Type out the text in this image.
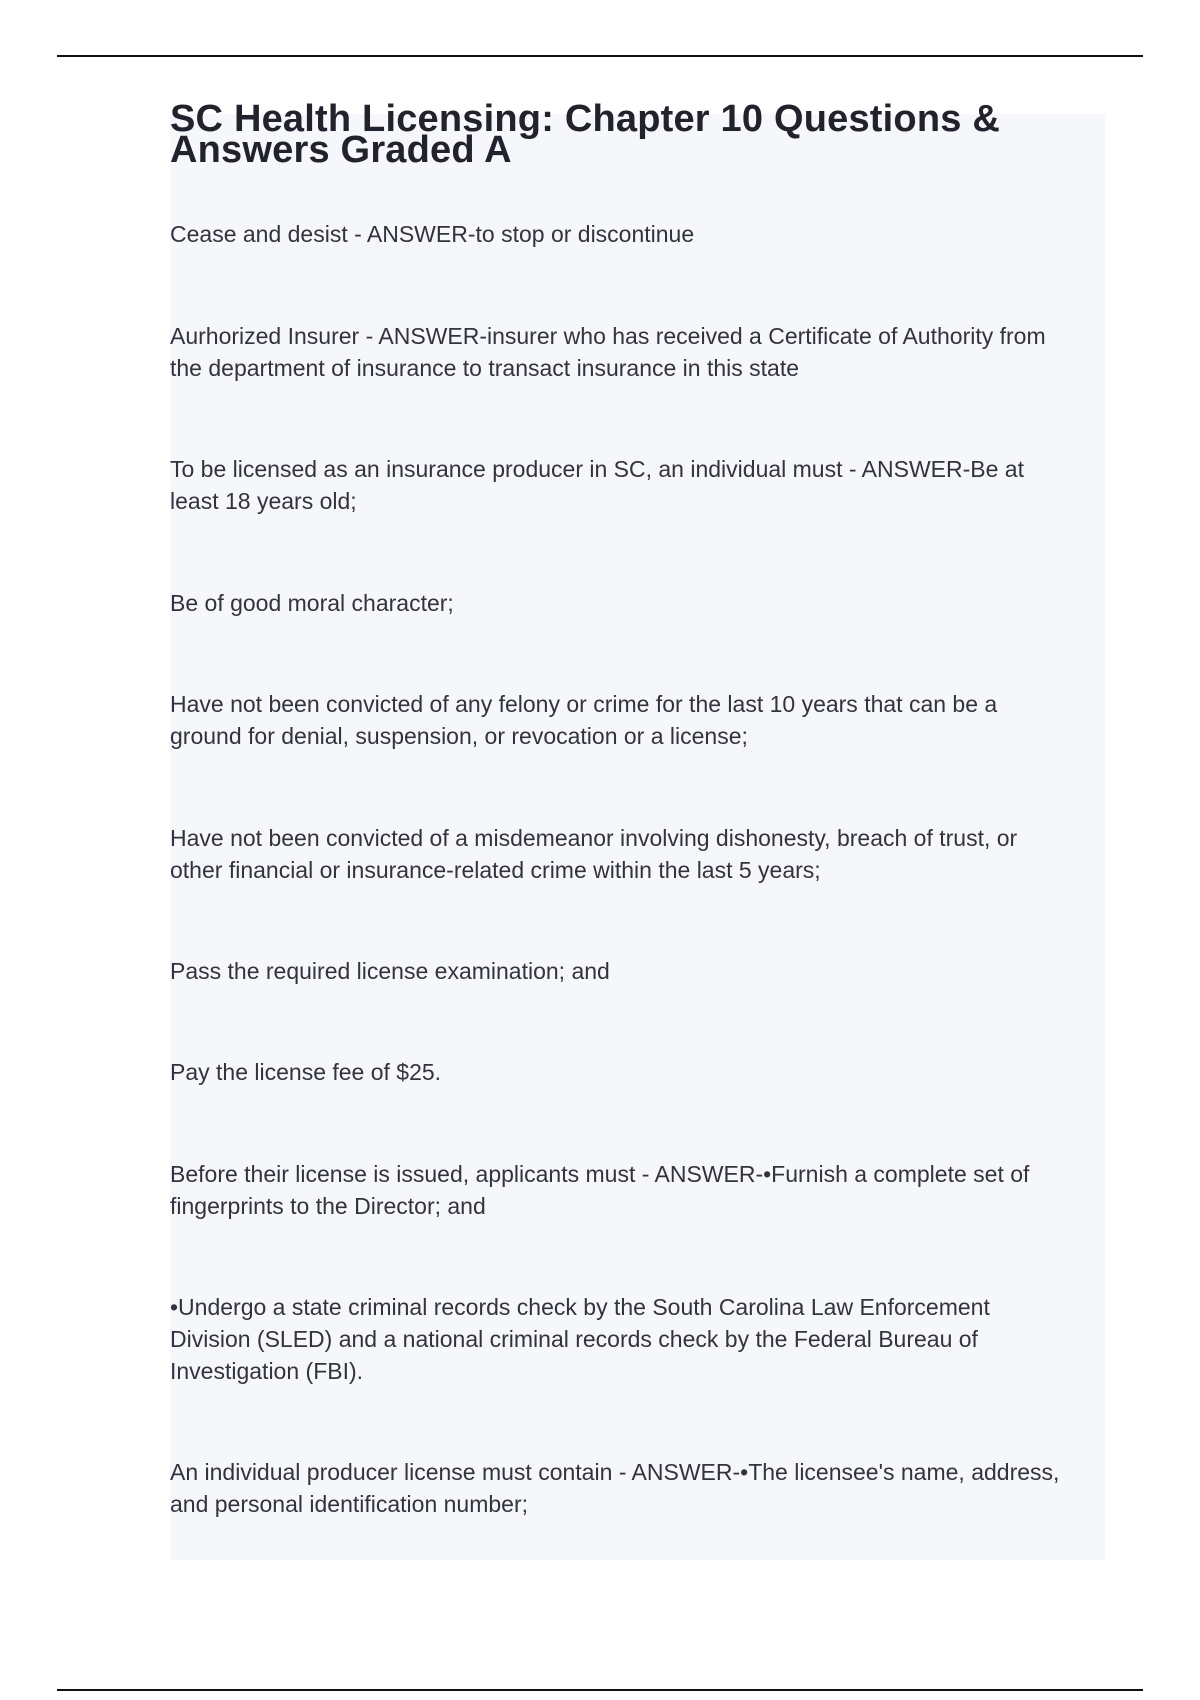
SC Health Licensing: Chapter 10 Questions &
Answers Graded A

Cease and desist - ANSWER-to stop or discontinue

Aurhorized Insurer - ANSWER-insurer who has received a Certificate of Authority from
the department of insurance to transact insurance in this state

To be licensed as an insurance producer in SC, an individual must - ANSWER-Be at
least 18 years old;

Be of good moral character;

Have not been convicted of any felony or crime for the last 10 years that can be a
ground for denial, suspension, or revocation or a license;

Have not been convicted of a misdemeanor involving dishonesty, breach of trust, or
other financial or insurance-related crime within the last 5 years;

Pass the required license examination; and

Pay the license fee of $25.

Before their license is issued, applicants must - ANSWER-•Furnish a complete set of
fingerprints to the Director; and

•Undergo a state criminal records check by the South Carolina Law Enforcement
Division (SLED) and a national criminal records check by the Federal Bureau of
Investigation (FBI).

An individual producer license must contain - ANSWER-•The licensee's name, address,
and personal identification number;
